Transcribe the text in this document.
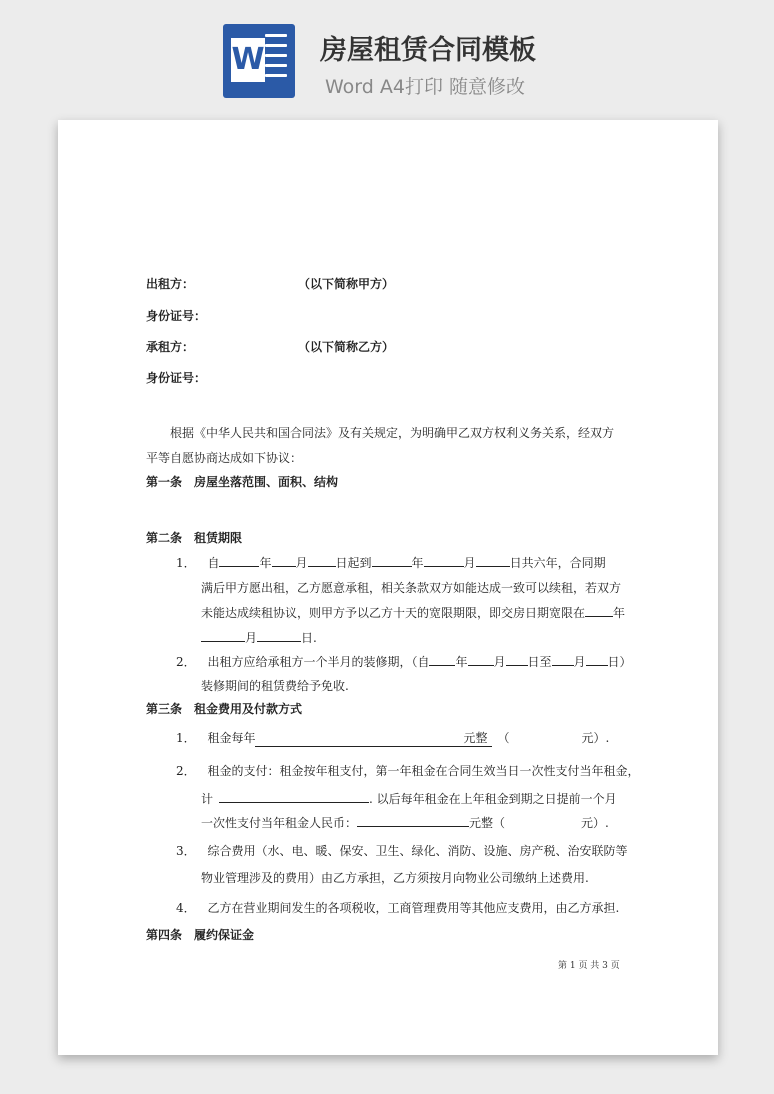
W 房屋租赁合同模板
Word A4打印 随意修改
出租方：	（以下简称甲方）
身份证号：
承租方：	（以下简称乙方）
身份证号：
根据《中华人民共和国合同法》及有关规定，为明确甲乙双方权利义务关系，经双方
平等自愿协商达成如下协议：
第一条　房屋坐落范围、面积、结构
第二条　租赁期限
1． 自	年 月 日起到	年	月	日共六年，合同期
满后甲方愿出租，乙方愿意承租，相关条款双方如能达成一致可以续租，若双方
未能达成续租协议，则甲方予以乙方十天的宽限期限，即交房日期宽限在 年
月	日.
2． 出租方应给承租方一个半月的装修期，（自 年 月 日至 月 日）
装修期间的租赁费给予免收.
第三条　租金费用及付款方式
1． 租金每年	元整 （	元）.
2． 租金的支付：租金按年租支付，第一年租金在合同生效当日一次性支付当年租金，
计	. 以后每年租金在上年租金到期之日提前一个月
一次性支付当年租金人民币：	元整（	元）.
3． 综合费用（水、电、暖、保安、卫生、绿化、消防、设施、房产税、治安联防等
物业管理涉及的费用）由乙方承担，乙方须按月向物业公司缴纳上述费用.
4． 乙方在营业期间发生的各项税收，工商管理费用等其他应支费用，由乙方承担.
第四条　履约保证金
第 1 页 共 3 页
